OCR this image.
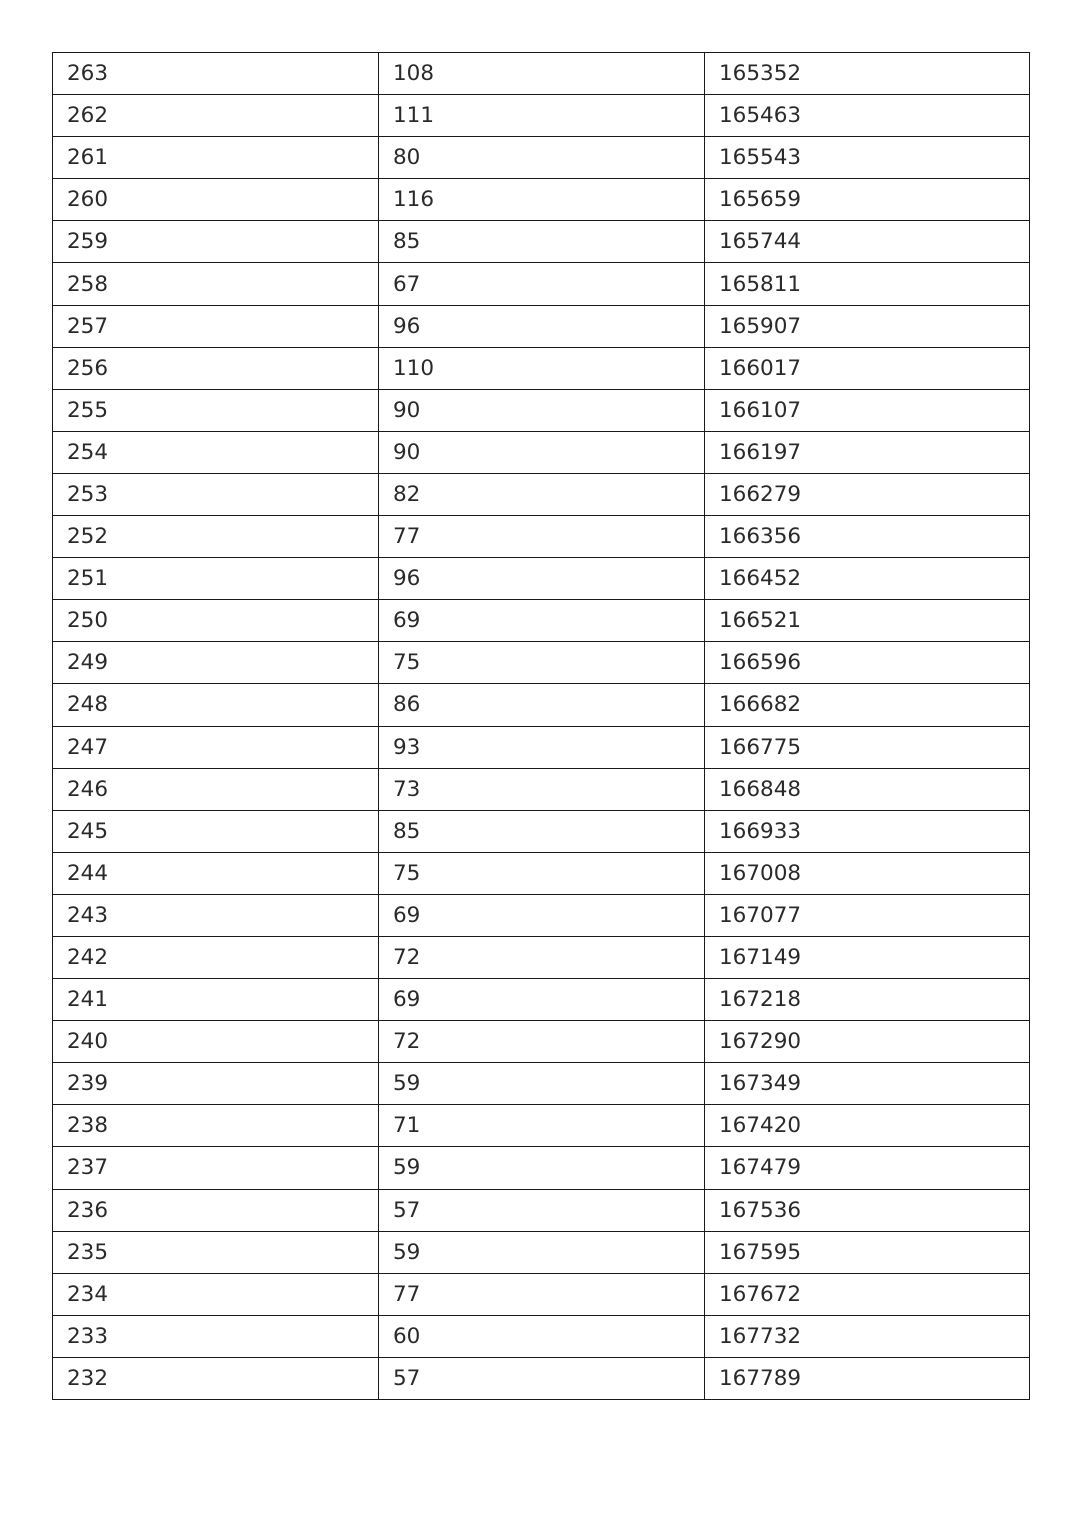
263	108	165352
262	111	165463
261	80	165543
260	116	165659
259	85	165744
258	67	165811
257	96	165907
256	110	166017
255	90	166107
254	90	166197
253	82	166279
252	77	166356
251	96	166452
250	69	166521
249	75	166596
248	86	166682
247	93	166775
246	73	166848
245	85	166933
244	75	167008
243	69	167077
242	72	167149
241	69	167218
240	72	167290
239	59	167349
238	71	167420
237	59	167479
236	57	167536
235	59	167595
234	77	167672
233	60	167732
232	57	167789
